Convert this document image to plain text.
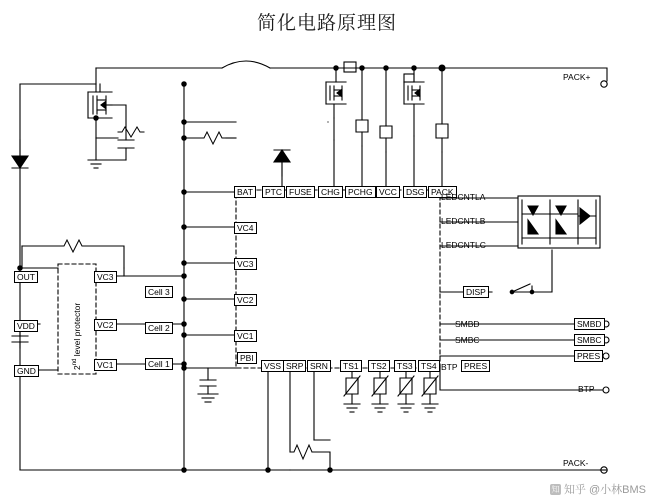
简化电路原理图
PACK+
PACK-
OUT
VDD
GND	2nd level protector
VC3
VC2
VC1
Cell 3
Cell 2
Cell 1
BAT	PTC FUSE	CHG PCHG VCC	DSG PACK
VC4
VC3
VC2
VC1
PBI
VSS SRP SRN	TS1	TS2	TS3 TS4 BTP PRES
LEDCNTLA
LEDCNTLB
LEDCNTLC
DISP
SMBD
SMBC
PRES
SMBD
SMBC
BTP
知 知乎 @小林BMS
